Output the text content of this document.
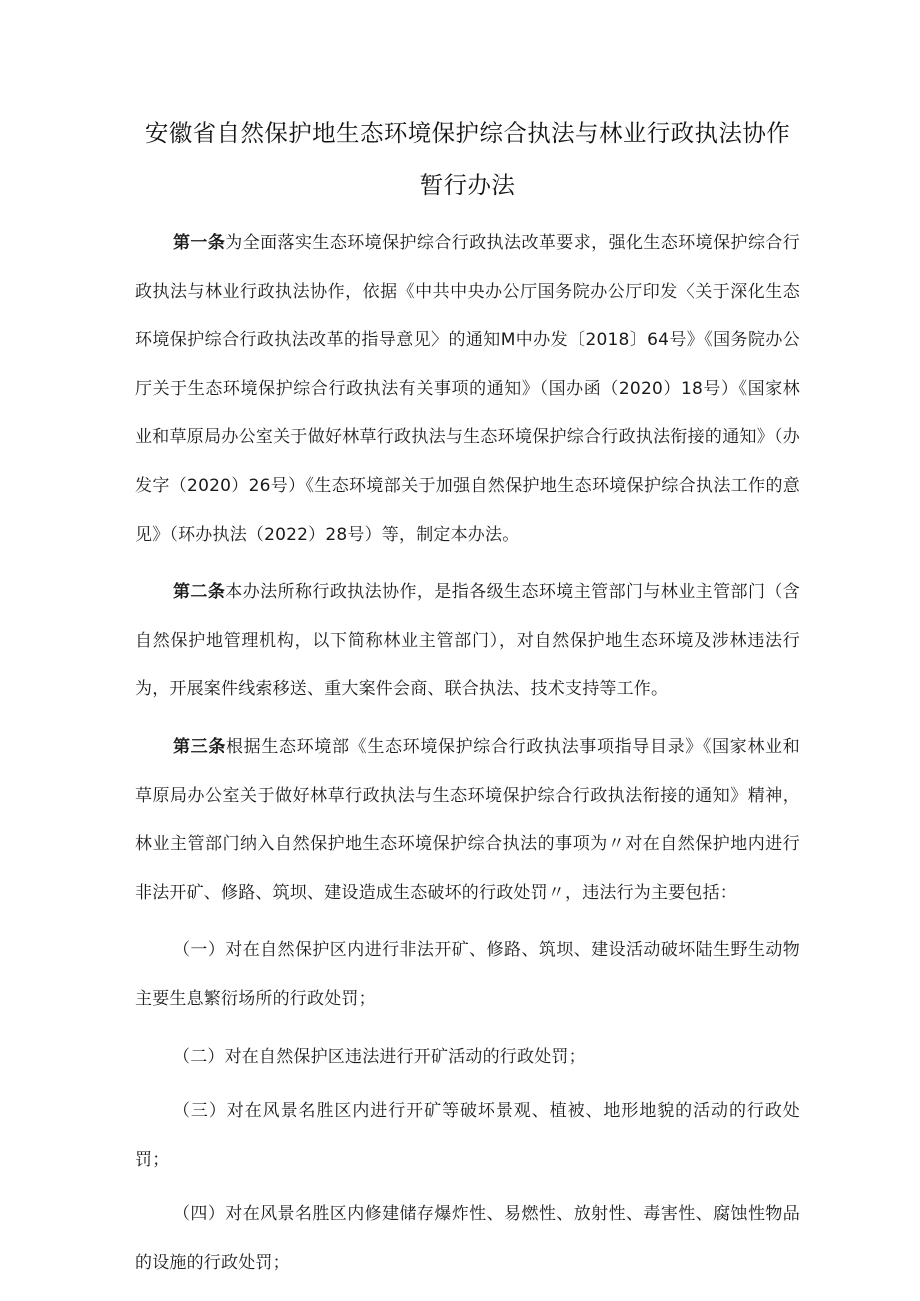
安徽省自然保护地生态环境保护综合执法与林业行政执法协作暂行办法

第一条为全面落实生态环境保护综合行政执法改革要求，强化生态环境保护综合行政执法与林业行政执法协作，依据《中共中央办公厅国务院办公厅印发〈关于深化生态环境保护综合行政执法改革的指导意见〉的通知M中办发〔2018〕64号》《国务院办公厅关于生态环境保护综合行政执法有关事项的通知》（国办函（2020）18号）《国家林业和草原局办公室关于做好林草行政执法与生态环境保护综合行政执法衔接的通知》（办发字（2020）26号）《生态环境部关于加强自然保护地生态环境保护综合执法工作的意见》（环办执法（2022）28号）等，制定本办法。

第二条本办法所称行政执法协作，是指各级生态环境主管部门与林业主管部门（含自然保护地管理机构，以下简称林业主管部门），对自然保护地生态环境及涉林违法行为，开展案件线索移送、重大案件会商、联合执法、技术支持等工作。

第三条根据生态环境部《生态环境保护综合行政执法事项指导目录》《国家林业和草原局办公室关于做好林草行政执法与生态环境保护综合行政执法衔接的通知》精神，林业主管部门纳入自然保护地生态环境保护综合执法的事项为〃对在自然保护地内进行非法开矿、修路、筑坝、建设造成生态破坏的行政处罚〃，违法行为主要包括：

（一）对在自然保护区内进行非法开矿、修路、筑坝、建设活动破坏陆生野生动物主要生息繁衍场所的行政处罚；

（二）对在自然保护区违法进行开矿活动的行政处罚；

（三）对在风景名胜区内进行开矿等破坏景观、植被、地形地貌的活动的行政处罚；

（四）对在风景名胜区内修建储存爆炸性、易燃性、放射性、毒害性、腐蚀性物品的设施的行政处罚；
